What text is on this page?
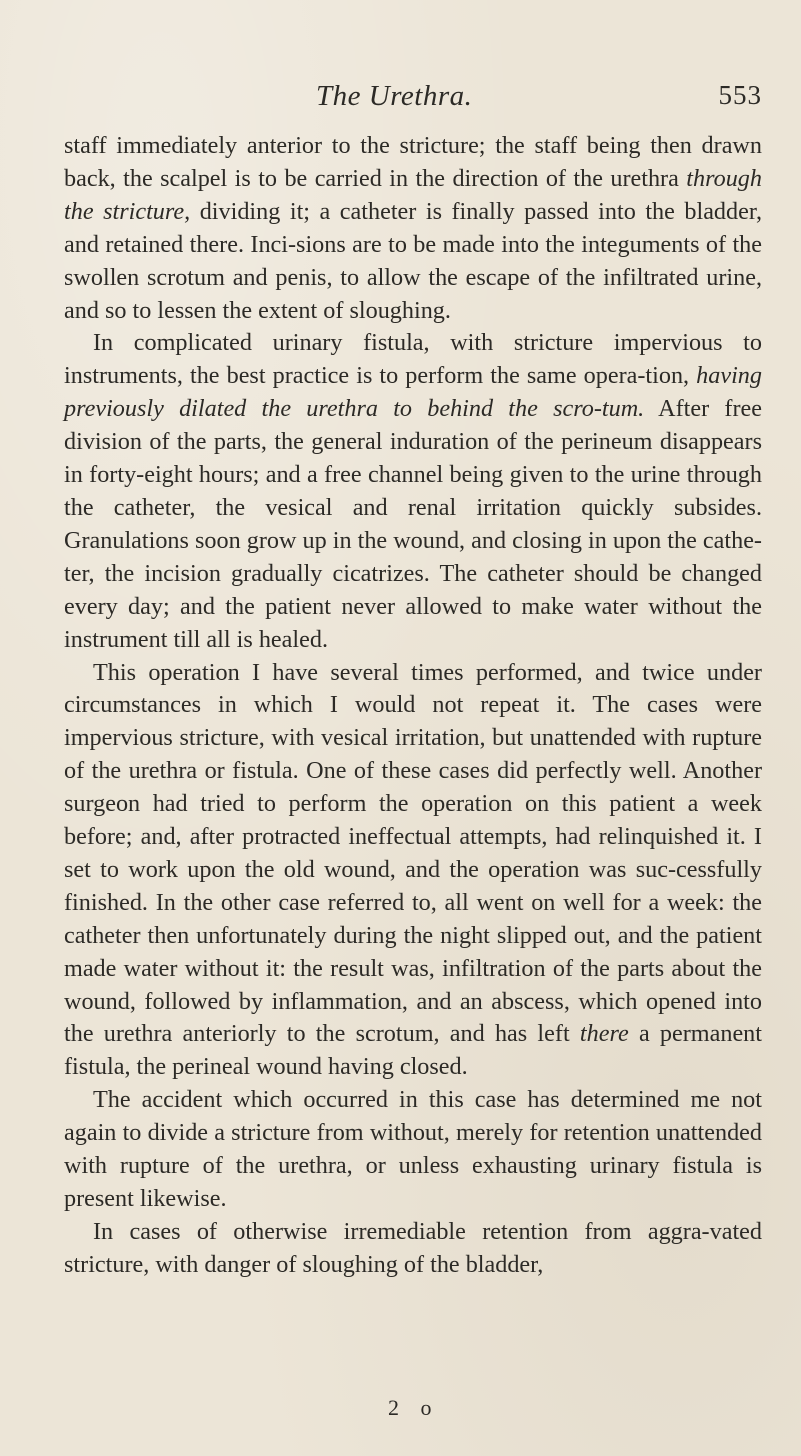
The Urethra.	553

staff immediately anterior to the stricture; the staff being then drawn back, the scalpel is to be carried in the direction of the urethra through the stricture, dividing it; a catheter is finally passed into the bladder, and retained there. Inci-sions are to be made into the integuments of the swollen scrotum and penis, to allow the escape of the infiltrated urine, and so to lessen the extent of sloughing.

In complicated urinary fistula, with stricture impervious to instruments, the best practice is to perform the same opera-tion, having previously dilated the urethra to behind the scro-tum. After free division of the parts, the general induration of the perineum disappears in forty-eight hours; and a free channel being given to the urine through the catheter, the vesical and renal irritation quickly subsides. Granulations soon grow up in the wound, and closing in upon the cathe-ter, the incision gradually cicatrizes. The catheter should be changed every day; and the patient never allowed to make water without the instrument till all is healed.

This operation I have several times performed, and twice under circumstances in which I would not repeat it. The cases were impervious stricture, with vesical irritation, but unattended with rupture of the urethra or fistula. One of these cases did perfectly well. Another surgeon had tried to perform the operation on this patient a week before; and, after protracted ineffectual attempts, had relinquished it. I set to work upon the old wound, and the operation was suc-cessfully finished. In the other case referred to, all went on well for a week: the catheter then unfortunately during the night slipped out, and the patient made water without it: the result was, infiltration of the parts about the wound, followed by inflammation, and an abscess, which opened into the urethra anteriorly to the scrotum, and has left there a permanent fistula, the perineal wound having closed.

The accident which occurred in this case has determined me not again to divide a stricture from without, merely for retention unattended with rupture of the urethra, or unless exhausting urinary fistula is present likewise.

In cases of otherwise irremediable retention from aggra-vated stricture, with danger of sloughing of the bladder,

2 o
